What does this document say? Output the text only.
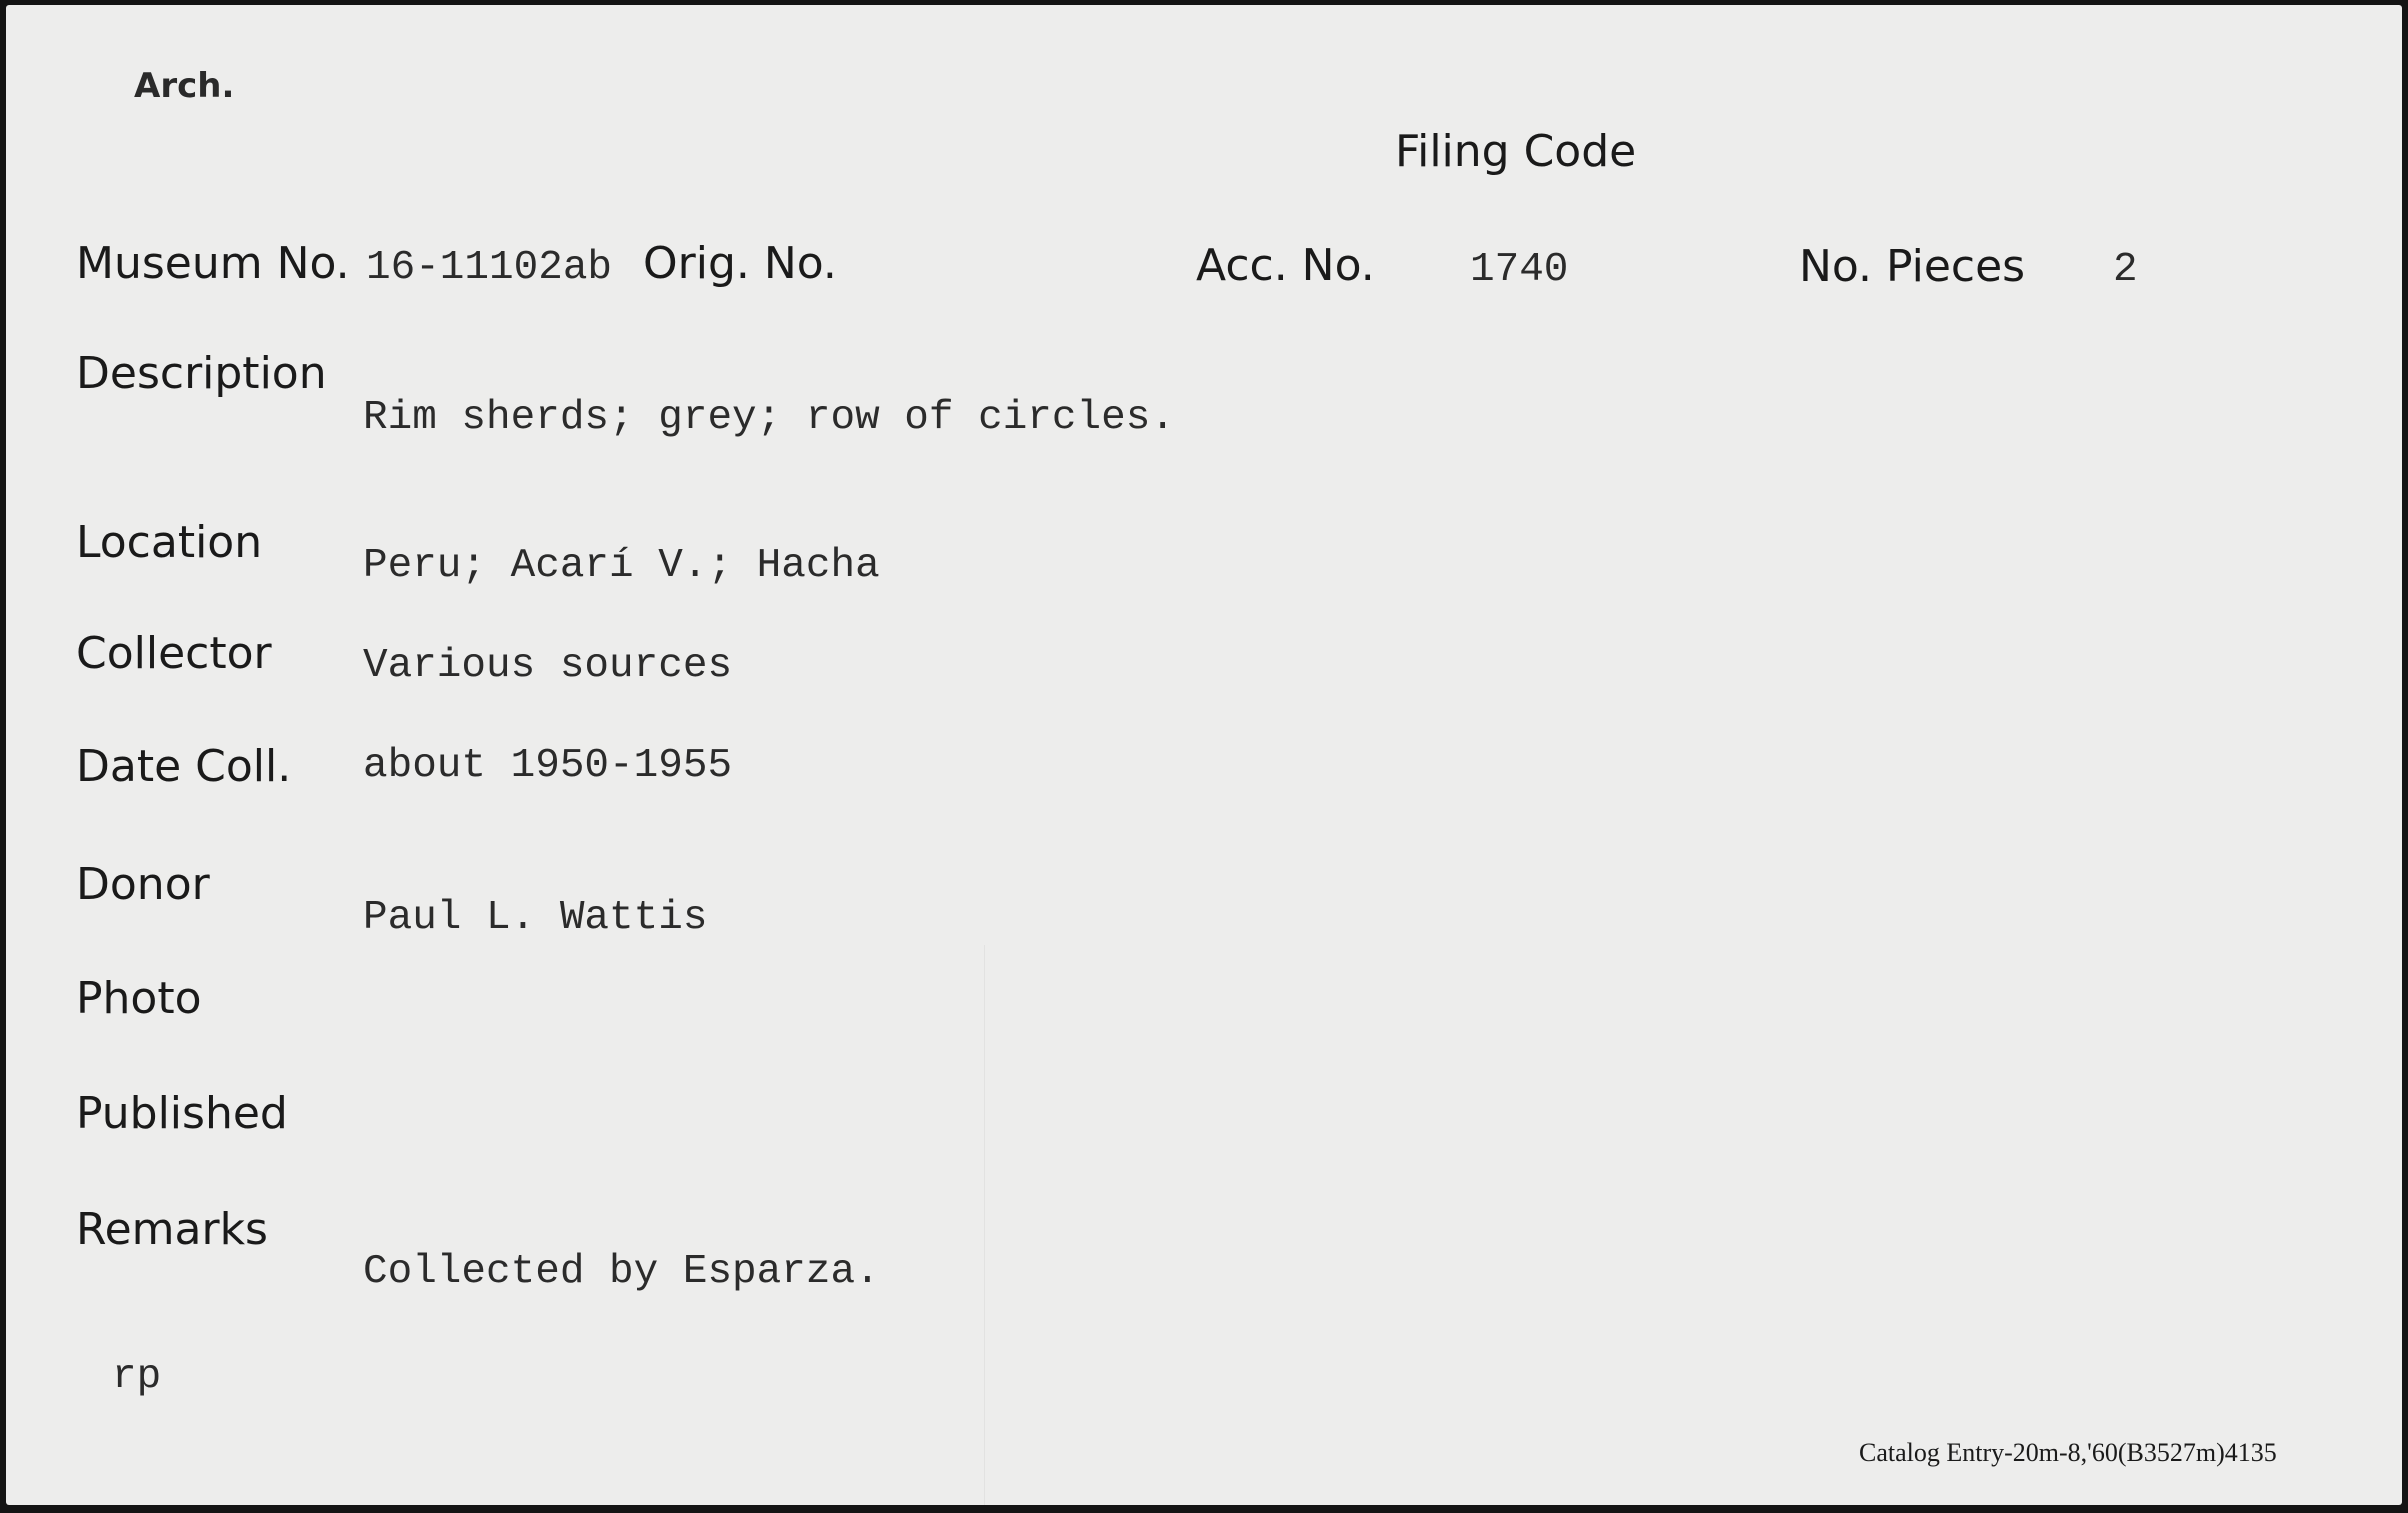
Arch.
Filing Code
Museum No. 16-11102ab Orig. No.	Acc. No. 1740	No. Pieces 2
Description
Rim sherds; grey; row of circles.
Location Peru; Acarí V.; Hacha
Collector Various sources
Date Coll. about 1950-1955
Donor
Paul L. Wattis
Photo
Published
Remarks
Collected by Esparza.
rp
Catalog Entry-20m-8,'60(B3527m)4135
